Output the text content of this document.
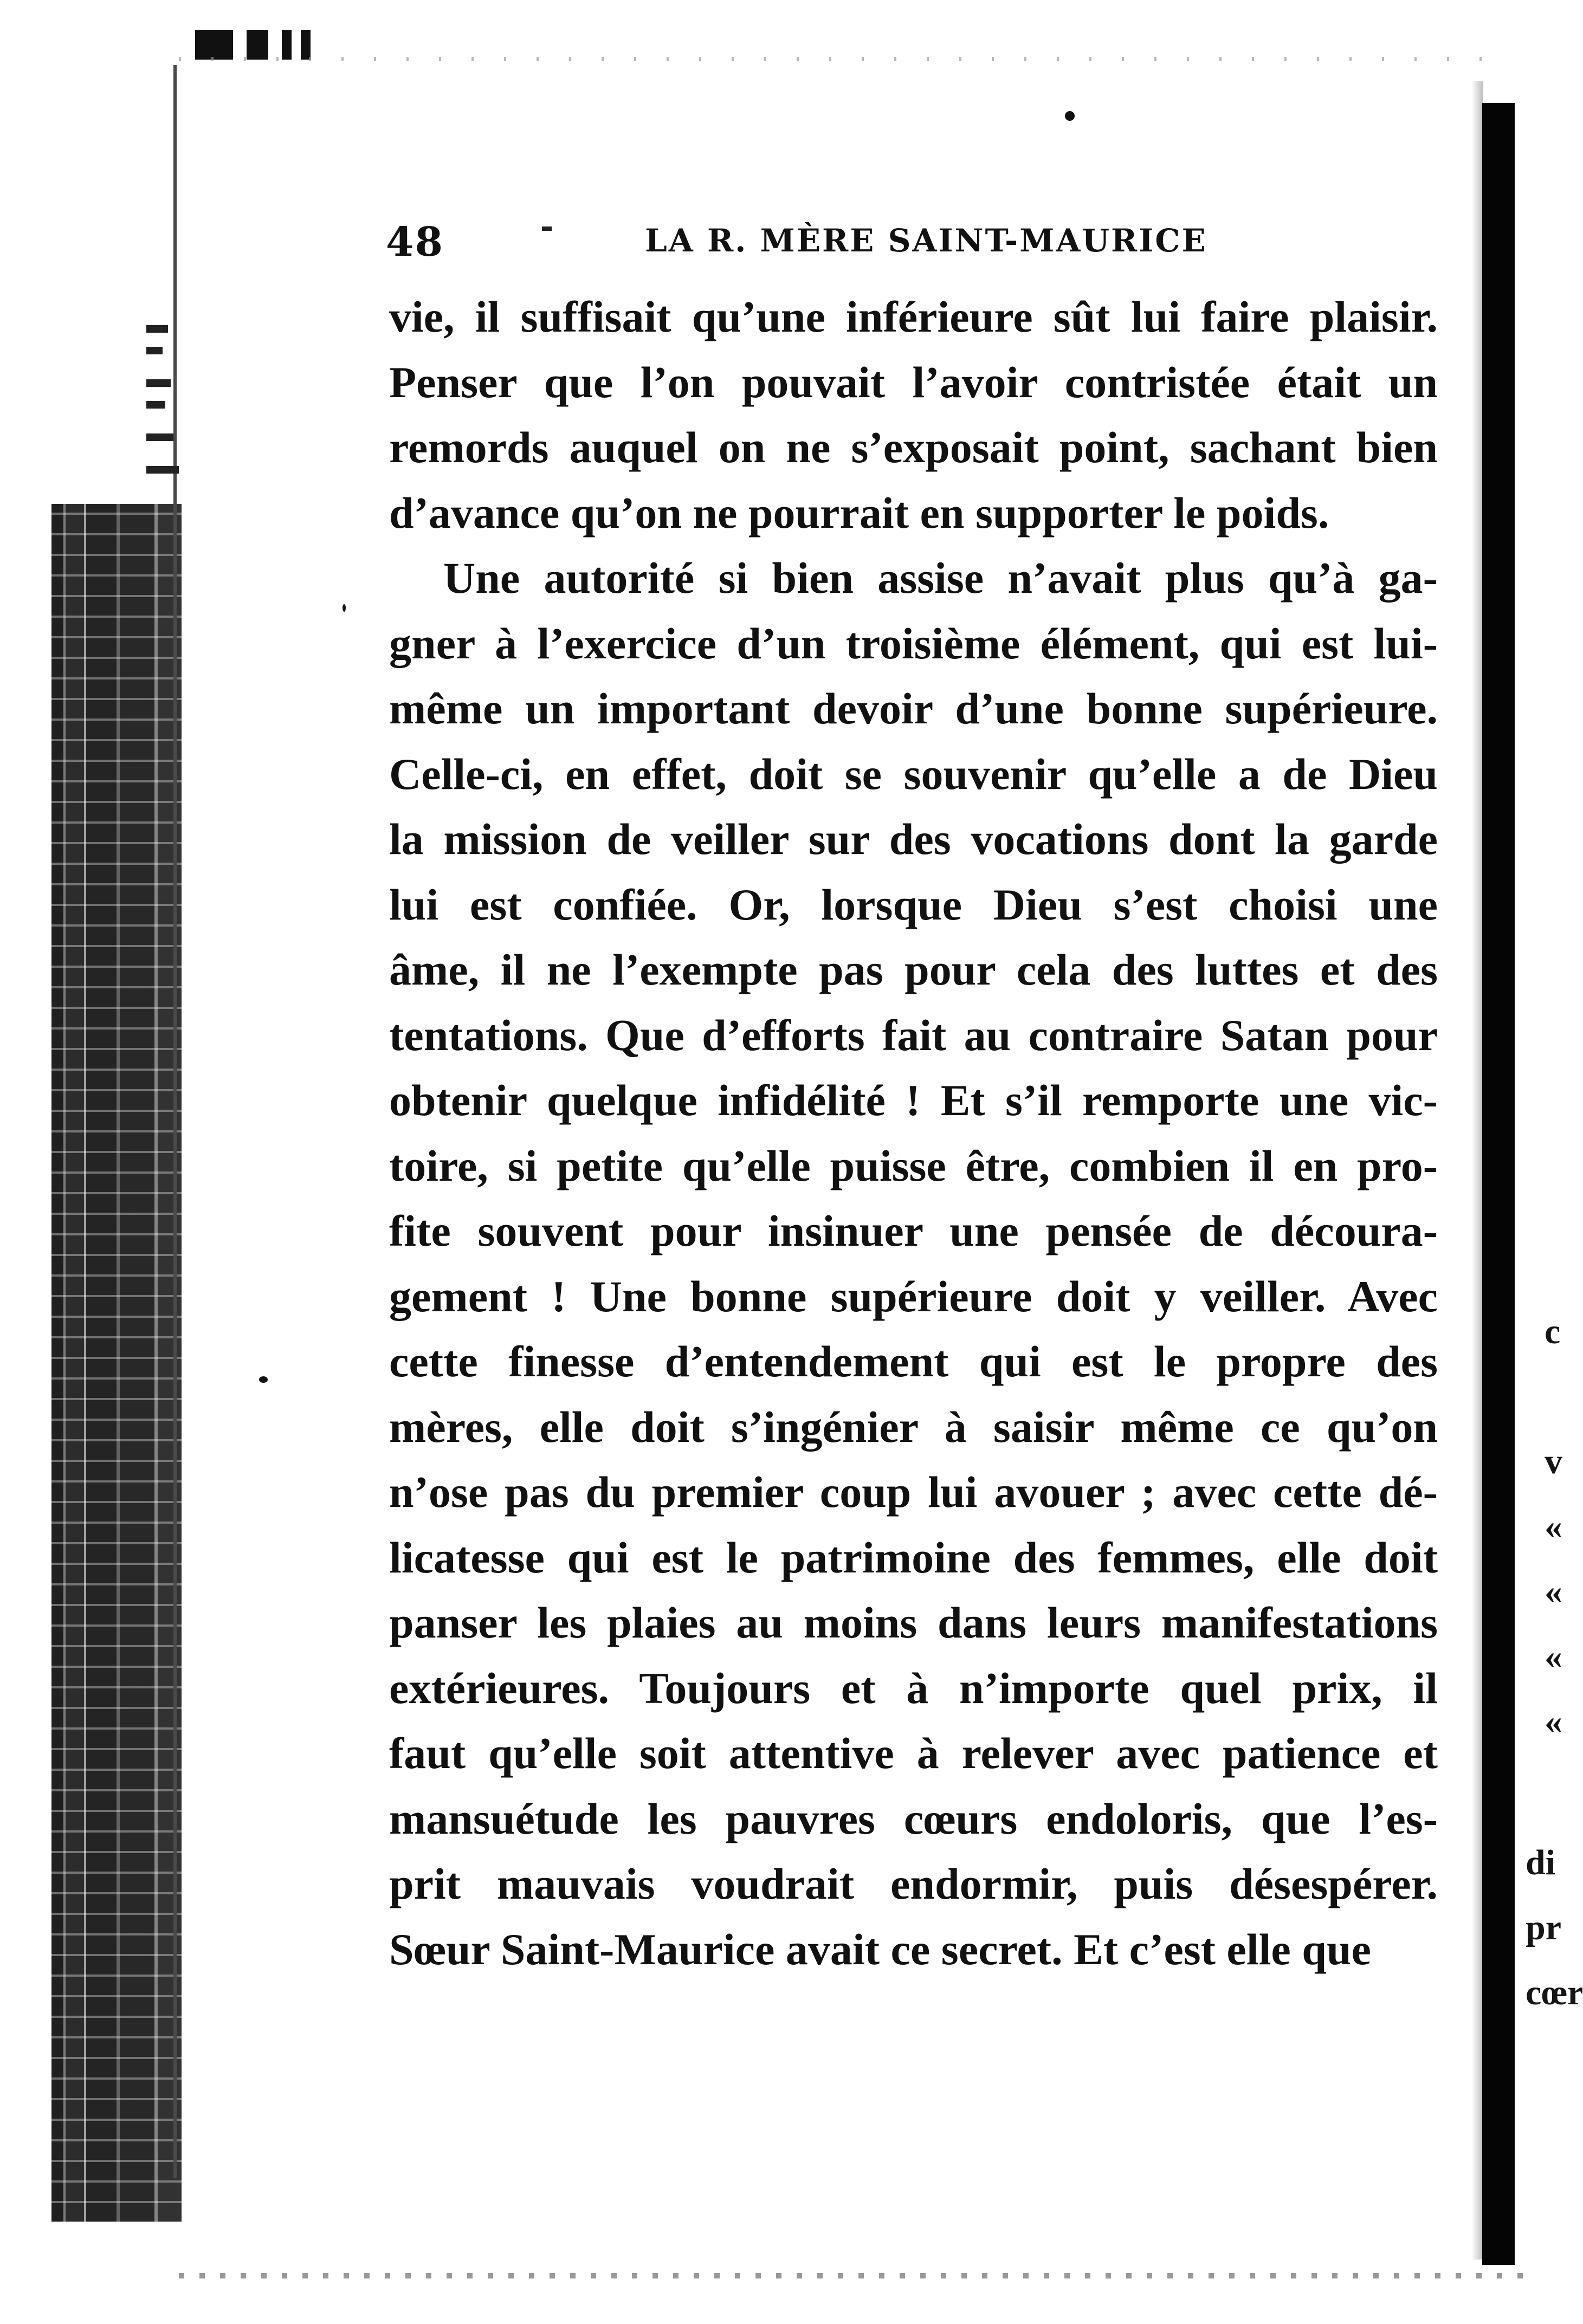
48	LA R. MÈRE SAINT-MAURICE
vie, il suffisait qu’une inférieure sût lui faire plaisir.
Penser que l’on pouvait l’avoir contristée était un
remords auquel on ne s’exposait point, sachant bien
d’avance qu’on ne pourrait en supporter le poids.
Une autorité si bien assise n’avait plus qu’à ga-
gner à l’exercice d’un troisième élément, qui est lui-
même un important devoir d’une bonne supérieure.
Celle-ci, en effet, doit se souvenir qu’elle a de Dieu
la mission de veiller sur des vocations dont la garde
lui est confiée. Or, lorsque Dieu s’est choisi une
âme, il ne l’exempte pas pour cela des luttes et des
tentations. Que d’efforts fait au contraire Satan pour
obtenir quelque infidélité ! Et s’il remporte une vic-
toire, si petite qu’elle puisse être, combien il en pro-
fite souvent pour insinuer une pensée de découra-
gement ! Une bonne supérieure doit y veiller. Avec
cette finesse d’entendement qui est le propre des
mères, elle doit s’ingénier à saisir même ce qu’on
n’ose pas du premier coup lui avouer ; avec cette dé-
licatesse qui est le patrimoine des femmes, elle doit
panser les plaies au moins dans leurs manifestations
extérieures. Toujours et à n’importe quel prix, il
faut qu’elle soit attentive à relever avec patience et
mansuétude les pauvres cœurs endoloris, que l’es-
prit mauvais voudrait endormir, puis désespérer.
Sœur Saint-Maurice avait ce secret. Et c’est elle que
c
v
«
«
«
«
di
pr
cœr
